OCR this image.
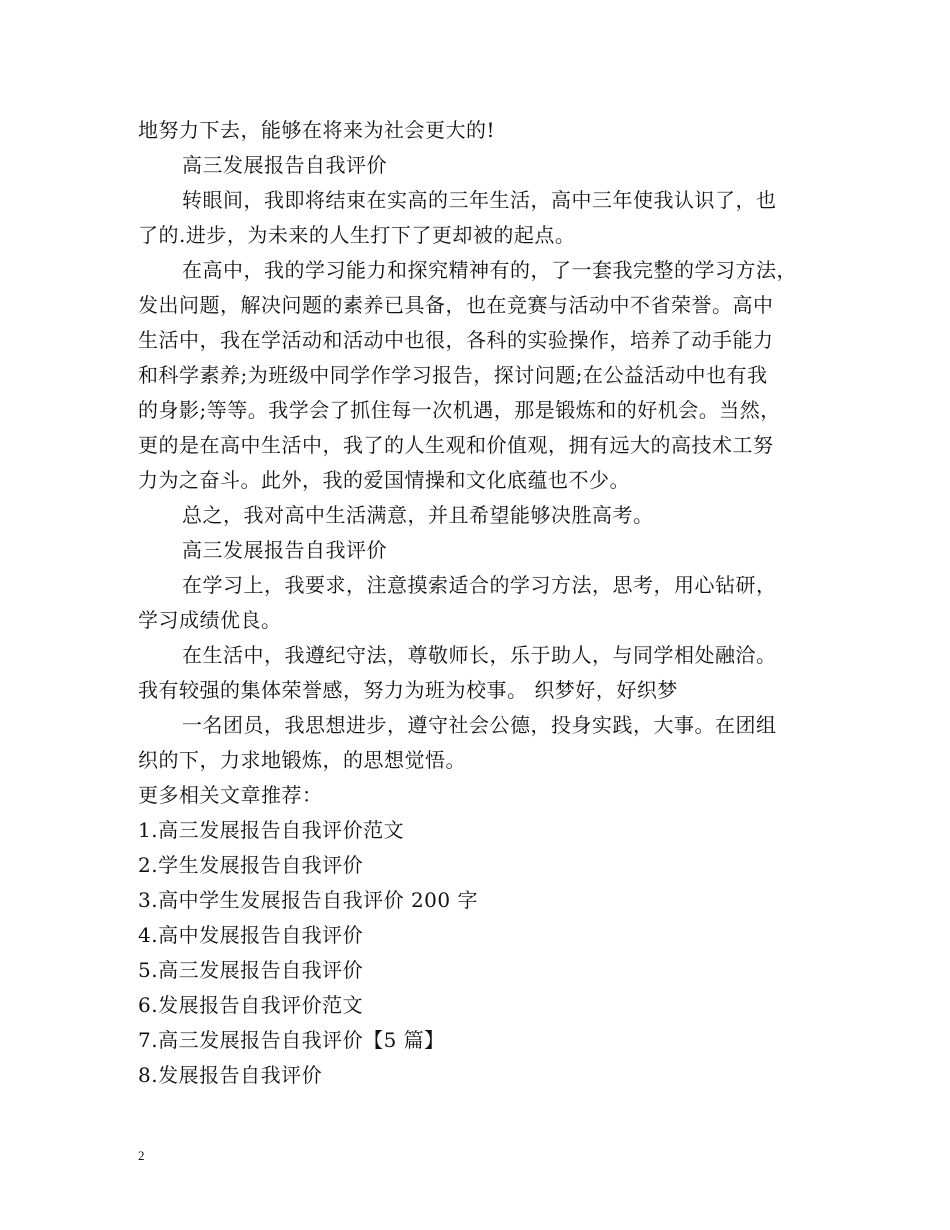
地努力下去，能够在将来为社会更大的!
高三发展报告自我评价
转眼间，我即将结束在实高的三年生活，高中三年使我认识了，也
了的.进步，为未来的人生打下了更却被的起点。
在高中，我的学习能力和探究精神有的，了一套我完整的学习方法，
发出问题，解决问题的素养已具备，也在竞赛与活动中不省荣誉。高中
生活中，我在学活动和活动中也很，各科的实验操作，培养了动手能力
和科学素养;为班级中同学作学习报告，探讨问题;在公益活动中也有我
的身影;等等。我学会了抓住每一次机遇，那是锻炼和的好机会。当然，
更的是在高中生活中，我了的人生观和价值观，拥有远大的高技术工努
力为之奋斗。此外，我的爱国情操和文化底蕴也不少。
总之，我对高中生活满意，并且希望能够决胜高考。
高三发展报告自我评价
在学习上，我要求，注意摸索适合的学习方法，思考，用心钻研，
学习成绩优良。
在生活中，我遵纪守法，尊敬师长，乐于助人，与同学相处融洽。
我有较强的集体荣誉感，努力为班为校事。 织梦好，好织梦
一名团员，我思想进步，遵守社会公德，投身实践，大事。在团组
织的下，力求地锻炼，的思想觉悟。
更多相关文章推荐：
1.高三发展报告自我评价范文
2.学生发展报告自我评价
3.高中学生发展报告自我评价 200 字
4.高中发展报告自我评价
5.高三发展报告自我评价
6.发展报告自我评价范文
7.高三发展报告自我评价【5 篇】
8.发展报告自我评价
2
